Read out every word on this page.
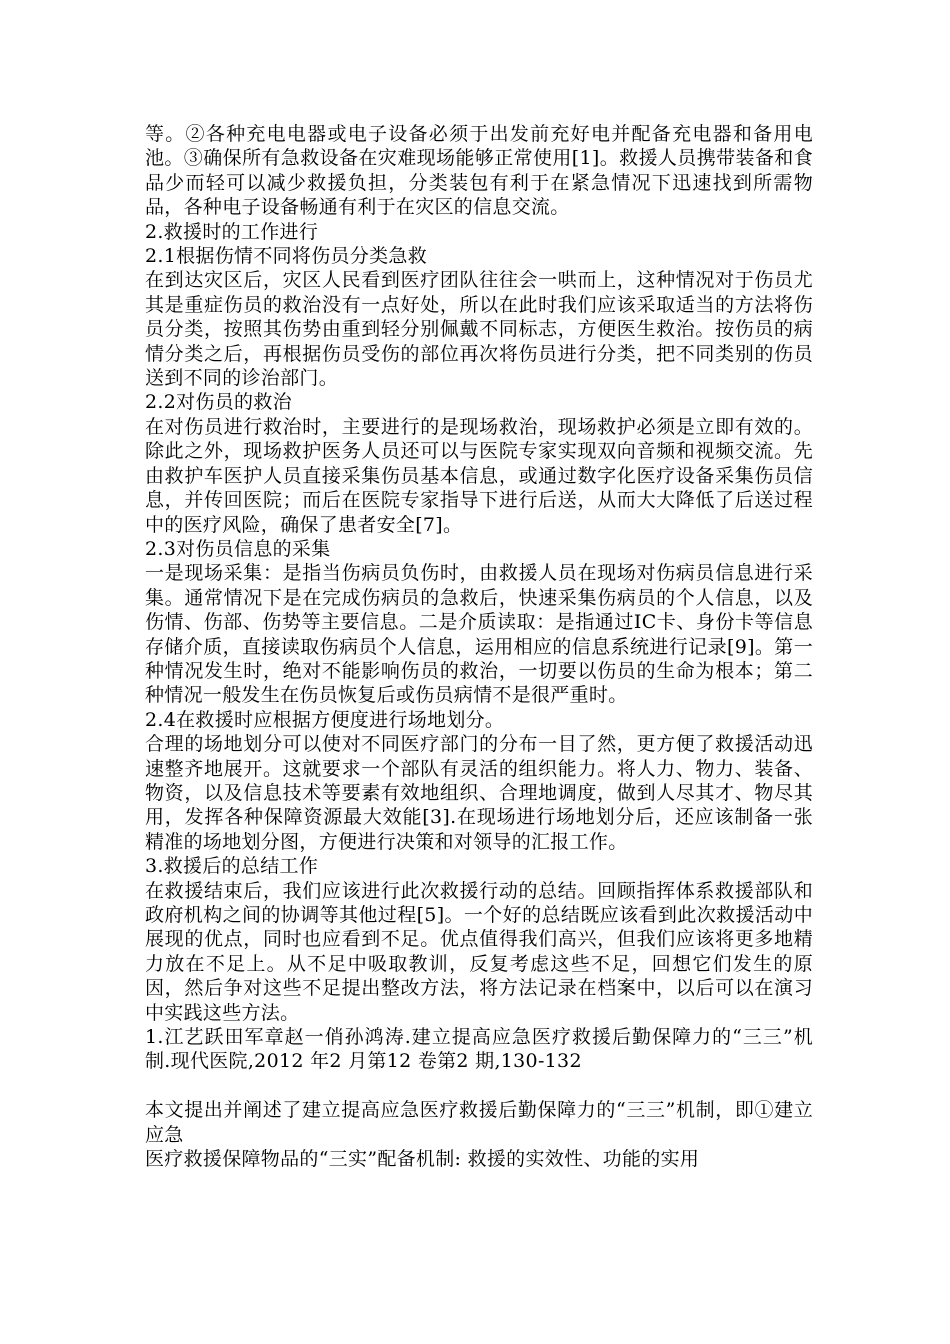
等。②各种充电电器或电子设备必须于出发前充好电并配备充电器和备用电池。③确保所有急救设备在灾难现场能够正常使用[1]。救援人员携带装备和食品少而轻可以减少救援负担，分类装包有利于在紧急情况下迅速找到所需物品，各种电子设备畅通有利于在灾区的信息交流。

2.救援时的工作进行
2.1根据伤情不同将伤员分类急救

在到达灾区后，灾区人民看到医疗团队往往会一哄而上，这种情况对于伤员尤其是重症伤员的救治没有一点好处，所以在此时我们应该采取适当的方法将伤员分类，按照其伤势由重到轻分别佩戴不同标志，方便医生救治。按伤员的病情分类之后，再根据伤员受伤的部位再次将伤员进行分类，把不同类别的伤员送到不同的诊治部门。

2.2对伤员的救治

在对伤员进行救治时，主要进行的是现场救治，现场救护必须是立即有效的。除此之外，现场救护医务人员还可以与医院专家实现双向音频和视频交流。先由救护车医护人员直接采集伤员基本信息，或通过数字化医疗设备采集伤员信息，并传回医院；而后在医院专家指导下进行后送，从而大大降低了后送过程中的医疗风险，确保了患者安全[7]。

2.3对伤员信息的采集

一是现场采集：是指当伤病员负伤时，由救援人员在现场对伤病员信息进行采集。通常情况下是在完成伤病员的急救后，快速采集伤病员的个人信息，以及伤情、伤部、伤势等主要信息。二是介质读取：是指通过IC卡、身份卡等信息存储介质，直接读取伤病员个人信息，运用相应的信息系统进行记录[9]。第一种情况发生时，绝对不能影响伤员的救治，一切要以伤员的生命为根本；第二种情况一般发生在伤员恢复后或伤员病情不是很严重时。

2.4在救援时应根据方便度进行场地划分。

合理的场地划分可以使对不同医疗部门的分布一目了然，更方便了救援活动迅速整齐地展开。这就要求一个部队有灵活的组织能力。将人力、物力、装备、物资，以及信息技术等要素有效地组织、合理地调度，做到人尽其才、物尽其用，发挥各种保障资源最大效能[3].在现场进行场地划分后，还应该制备一张精准的场地划分图，方便进行决策和对领导的汇报工作。

3.救援后的总结工作

在救援结束后，我们应该进行此次救援行动的总结。回顾指挥体系救援部队和政府机构之间的协调等其他过程[5]。一个好的总结既应该看到此次救援活动中展现的优点，同时也应看到不足。优点值得我们高兴，但我们应该将更多地精力放在不足上。从不足中吸取教训，反复考虑这些不足，回想它们发生的原因，然后争对这些不足提出整改方法，将方法记录在档案中，以后可以在演习中实践这些方法。

1.江艺跃田军章赵一俏孙鸿涛.建立提高应急医疗救援后勤保障力的“三三”机制.现代医院,2012 年2 月第12 卷第2 期,130-132

本文提出并阐述了建立提高应急医疗救援后勤保障力的“三三”机制，即①建立应急

医疗救援保障物品的“三实”配备机制: 救援的实效性、功能的实用
